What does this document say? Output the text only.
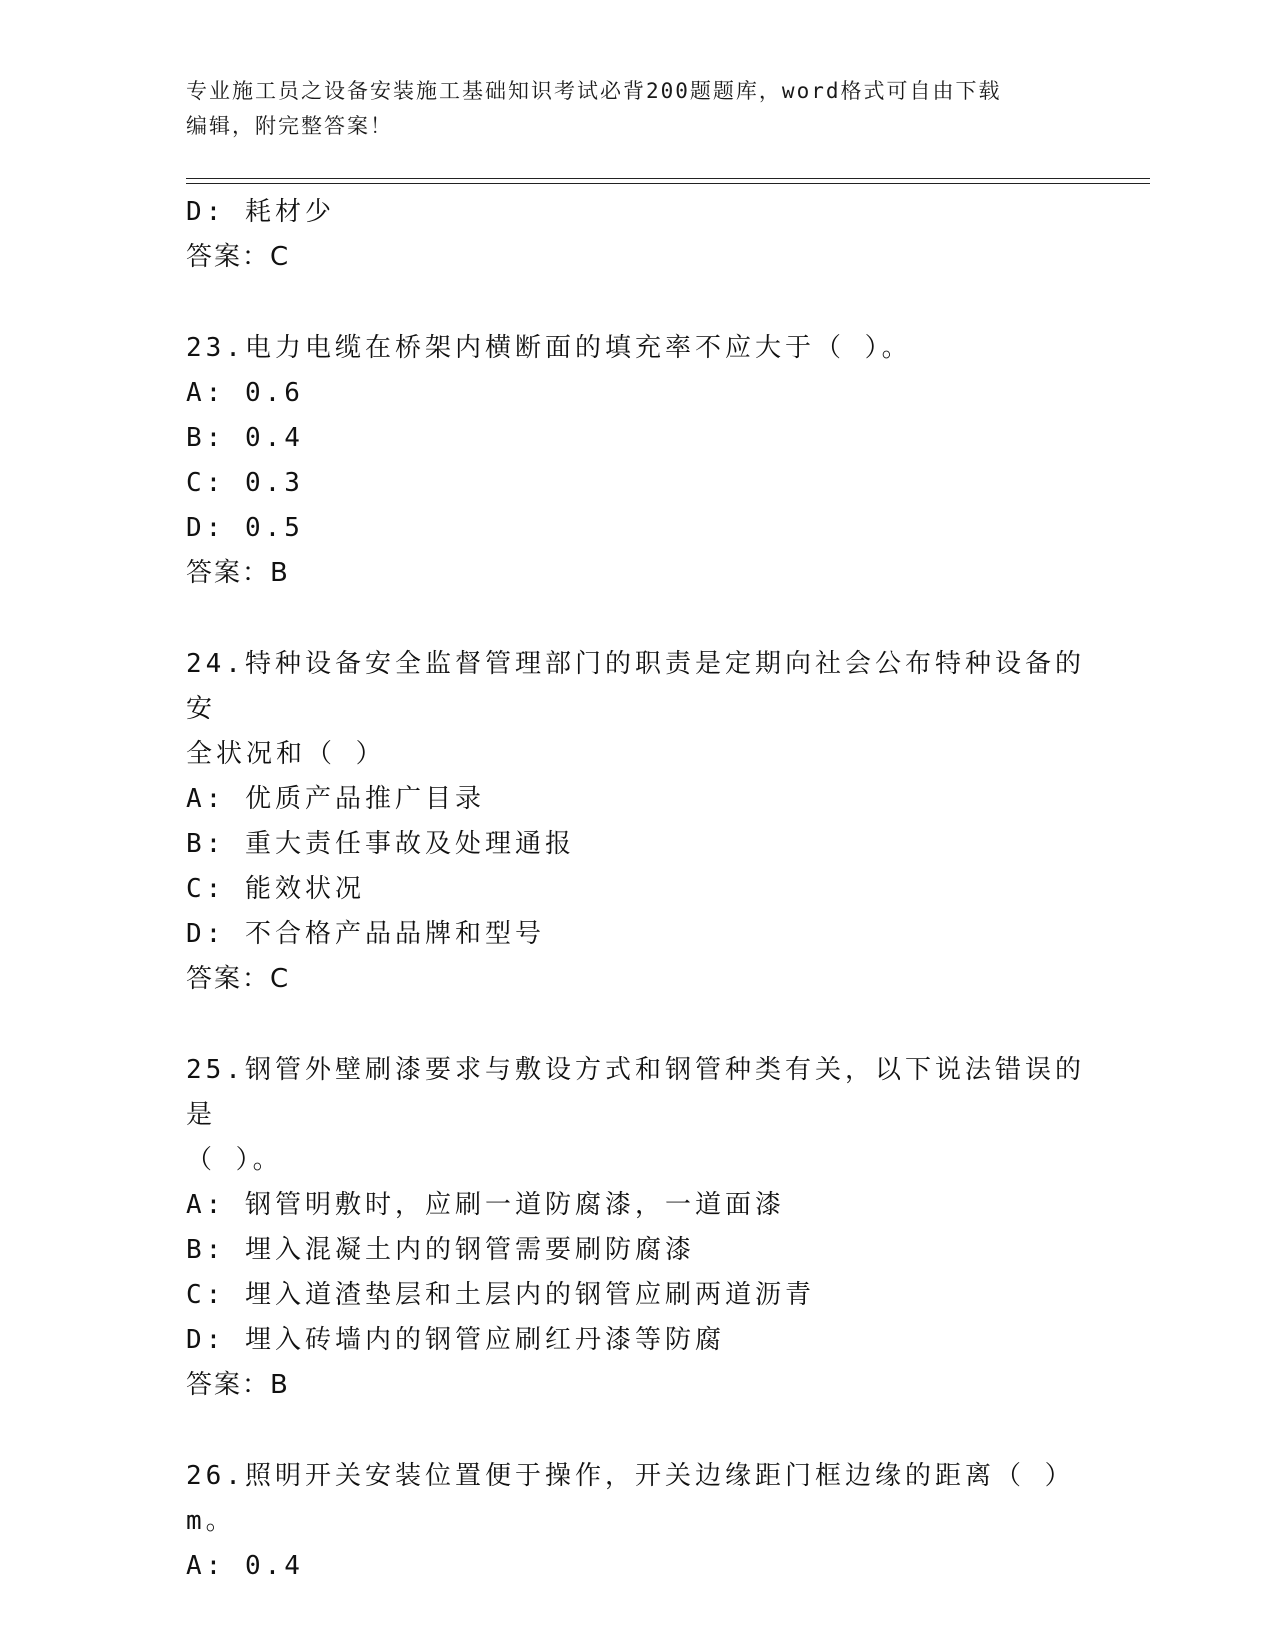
专业施工员之设备安装施工基础知识考试必背200题题库，word格式可自由下载
编辑，附完整答案！
D: 耗材少
答案：C
23.电力电缆在桥架内横断面的填充率不应大于（ ）。
A: 0.6
B: 0.4
C: 0.3
D: 0.5
答案：B
24.特种设备安全监督管理部门的职责是定期向社会公布特种设备的安
全状况和（ ）
A: 优质产品推广目录
B: 重大责任事故及处理通报
C: 能效状况
D: 不合格产品品牌和型号
答案：C
25.钢管外壁刷漆要求与敷设方式和钢管种类有关，以下说法错误的是
（ ）。
A: 钢管明敷时，应刷一道防腐漆，一道面漆
B: 埋入混凝土内的钢管需要刷防腐漆
C: 埋入道渣垫层和土层内的钢管应刷两道沥青
D: 埋入砖墙内的钢管应刷红丹漆等防腐
答案：B
26.照明开关安装位置便于操作，开关边缘距门框边缘的距离（ ）m。
A: 0.4
